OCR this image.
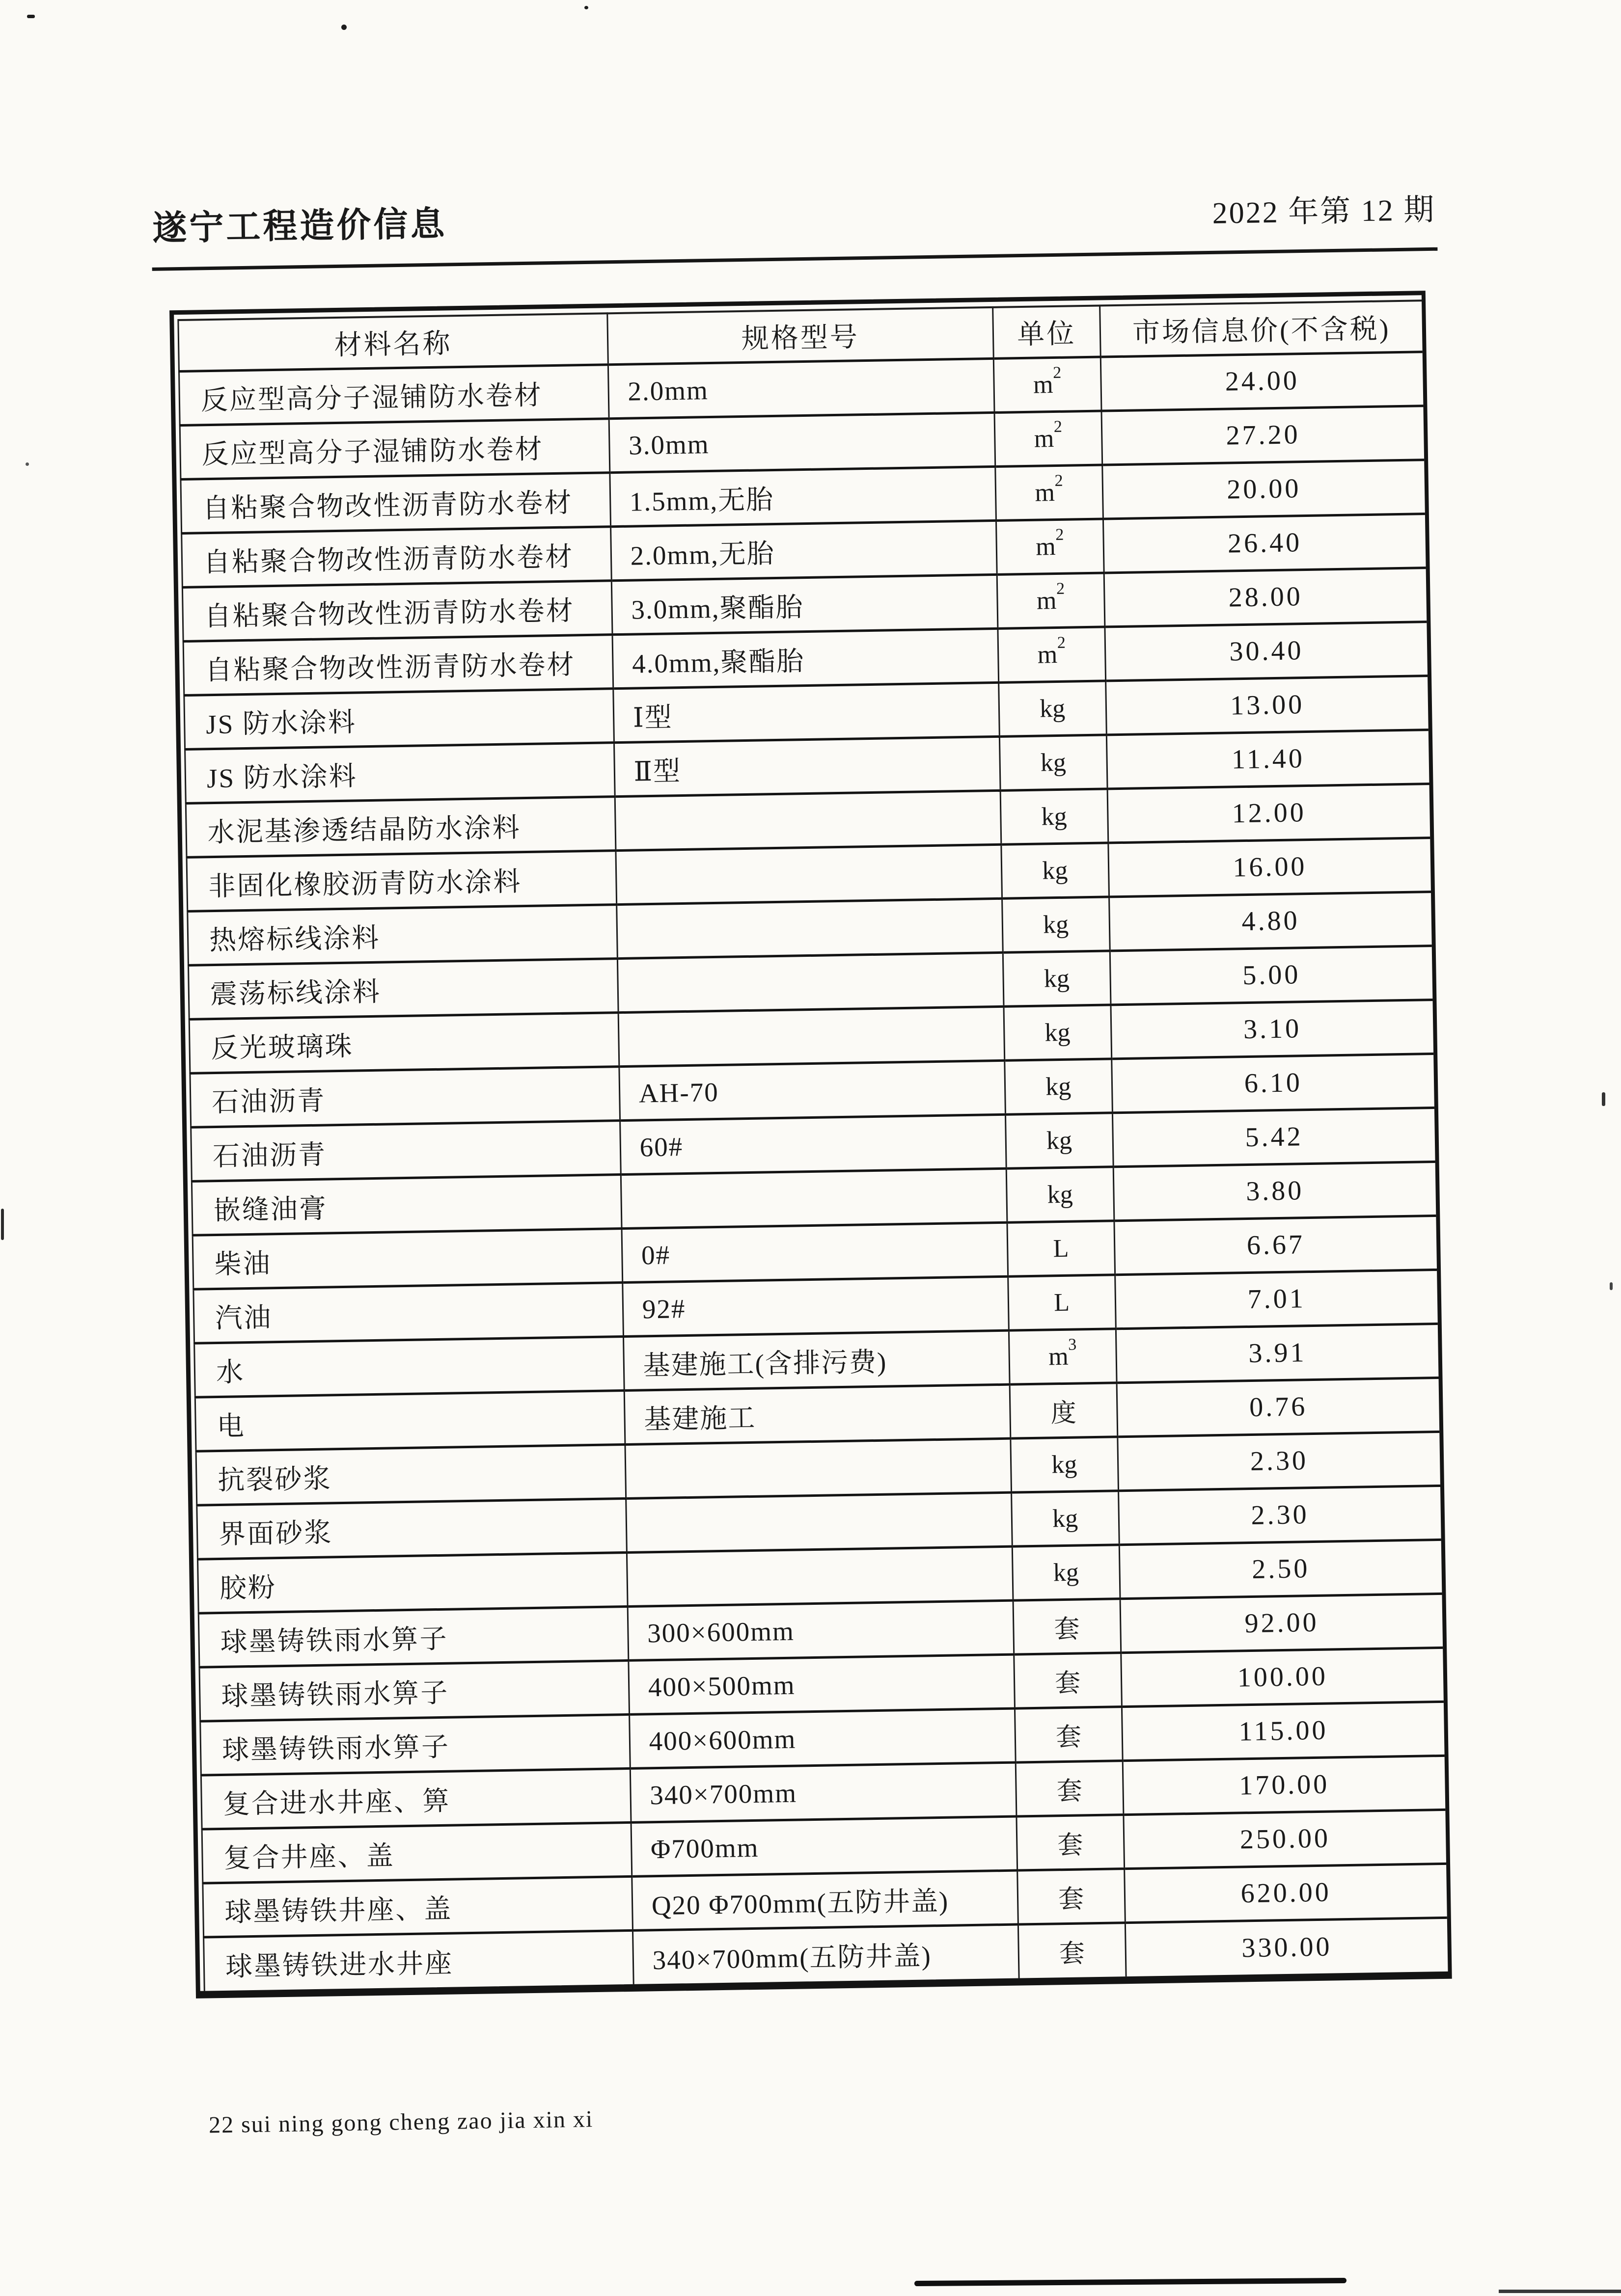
遂宁工程造价信息	2022 年第 12 期
材料名称	规格型号	单位	市场信息价(不含税)
反应型高分子湿铺防水卷材	2.0mm	$m^2$	24.00
反应型高分子湿铺防水卷材	3.0mm	$m^2$	27.20
自粘聚合物改性沥青防水卷材	1.5mm,无胎	$m^2$	20.00
自粘聚合物改性沥青防水卷材	2.0mm,无胎	$m^2$	26.40
自粘聚合物改性沥青防水卷材	3.0mm,聚酯胎	$m^2$	28.00
自粘聚合物改性沥青防水卷材	4.0mm,聚酯胎	$m^2$	30.40
JS 防水涂料	Ⅰ型	kg	13.00
JS 防水涂料	Ⅱ型	kg	11.40
水泥基渗透结晶防水涂料		kg	12.00
非固化橡胶沥青防水涂料		kg	16.00
热熔标线涂料		kg	4.80
震荡标线涂料		kg	5.00
反光玻璃珠		kg	3.10
石油沥青	AH-70	kg	6.10
石油沥青	60#	kg	5.42
嵌缝油膏		kg	3.80
柴油	0#	L	6.67
汽油	92#	L	7.01
水	基建施工(含排污费)	$m^3$	3.91
电	基建施工	度	0.76
抗裂砂浆		kg	2.30
界面砂浆		kg	2.30
胶粉		kg	2.50
球墨铸铁雨水箅子	300×600mm	套	92.00
球墨铸铁雨水箅子	400×500mm	套	100.00
球墨铸铁雨水箅子	400×600mm	套	115.00
复合进水井座、箅	340×700mm	套	170.00
复合井座、盖	Φ700mm	套	250.00
球墨铸铁井座、盖	Q20 Φ700mm(五防井盖)	套	620.00
球墨铸铁进水井座	340×700mm(五防井盖)	套	330.00
22 sui ning gong cheng zao jia xin xi
